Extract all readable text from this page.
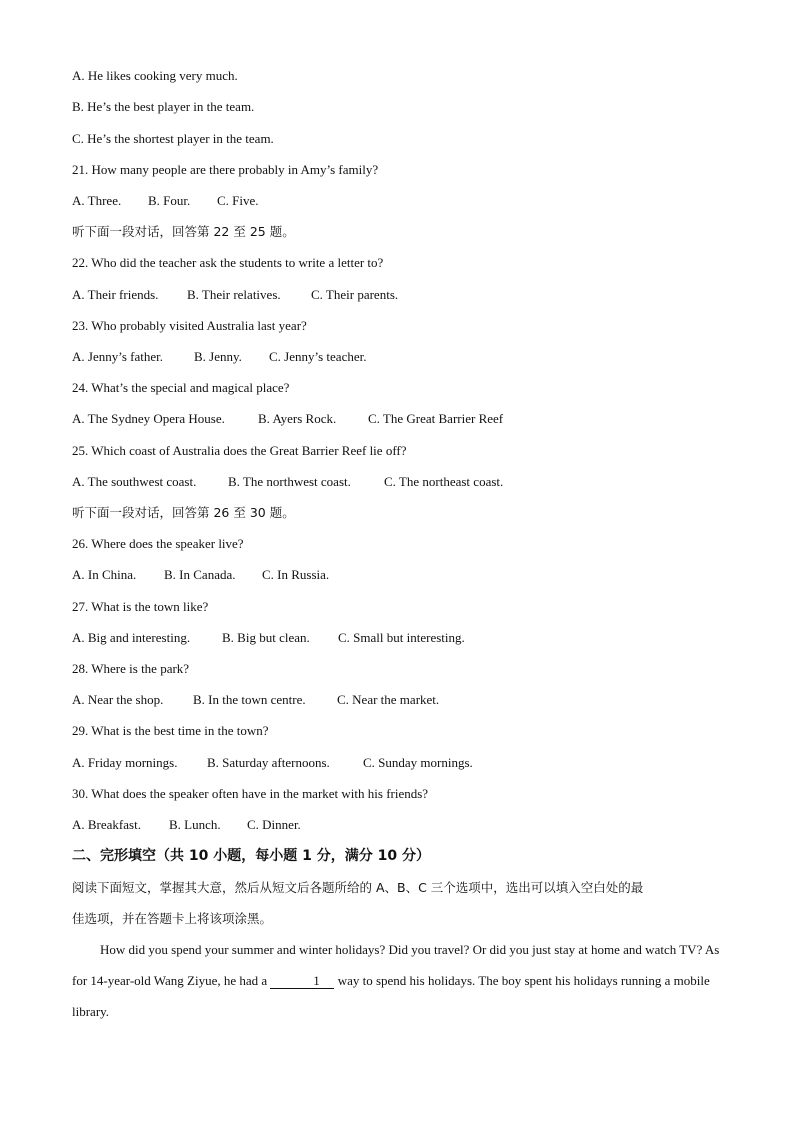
A. He likes cooking very much.
B. He’s the best player in the team.
C. He’s the shortest player in the team.
21. How many people are there probably in Amy’s family?
A. Three. B. Four. C. Five.
听下面一段对话，回答第 22 至 25 题。
22. Who did the teacher ask the students to write a letter to?
A. Their friends. B. Their relatives. C. Their parents.
23. Who probably visited Australia last year?
A. Jenny’s father. B. Jenny. C. Jenny’s teacher.
24. What’s the special and magical place?
A. The Sydney Opera House.	B. Ayers Rock. C. The Great Barrier Reef
25. Which coast of Australia does the Great Barrier Reef lie off?
A. The southwest coast. B. The northwest coast.	C. The northeast coast.
听下面一段对话，回答第 26 至 30 题。
26. Where does the speaker live?
A. In China. B. In Canada. C. In Russia.
27. What is the town like?
A. Big and interesting. B. Big but clean. C. Small but interesting.
28. Where is the park?
A. Near the shop. B. In the town centre. C. Near the market.
29. What is the best time in the town?
A. Friday mornings. B. Saturday afternoons.	C. Sunday mornings.
30. What does the speaker often have in the market with his friends?
A. Breakfast. B. Lunch. C. Dinner.
二、完形填空（共 10 小题，每小题 1 分，满分 10 分）
阅读下面短文，掌握其大意，然后从短文后各题所给的 A、B、C 三个选项中，选出可以填入空白处的最
佳选项，并在答题卡上将该项涂黑。
How did you spend your summer and winter holidays? Did you travel? Or did you just stay at home and watch TV? As for 14-year-old Wang Ziyue, he had a	1 way to spend his holidays. The boy spent his holidays running a mobile library.
